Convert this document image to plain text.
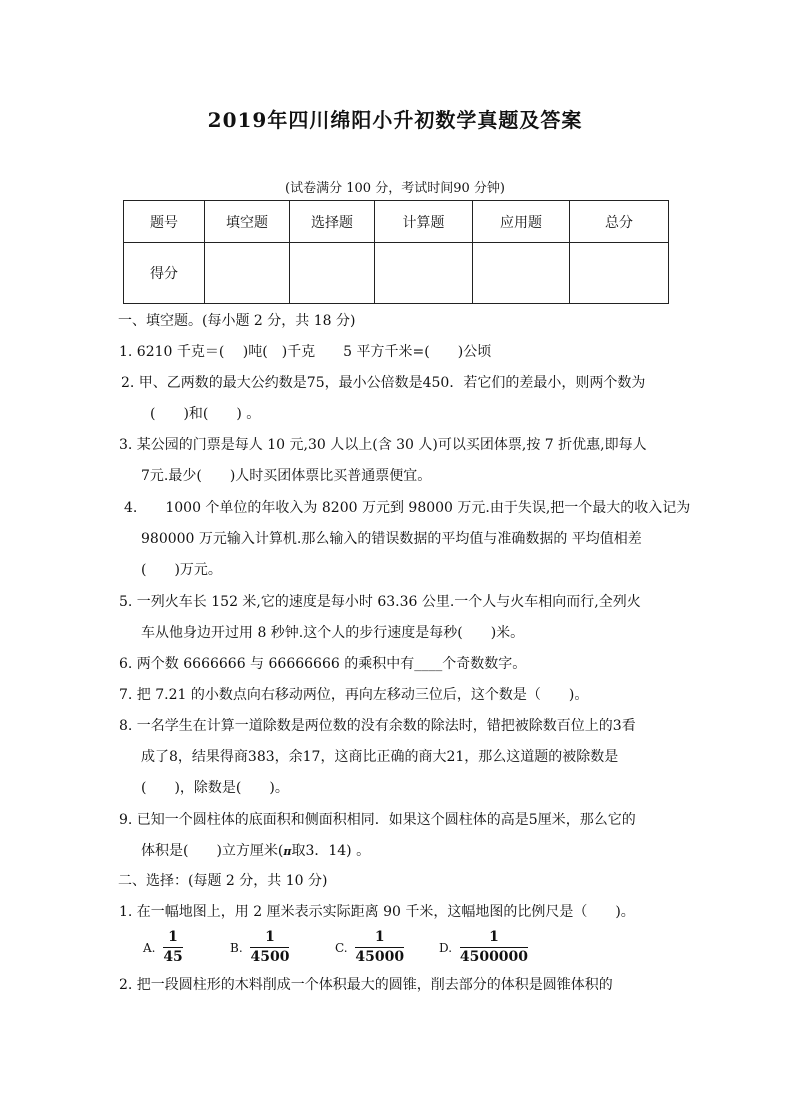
2019年四川绵阳小升初数学真题及答案
(试卷满分 100 分，考试时间90 分钟)
题号	填空题	选择题	计算题	应用题	总分
得分					
一、填空题。(每小题 2 分，共 18 分)
1. 6210 千克＝(　 )吨(　)千克　　5 平方千米=(　　)公顷
2. 甲、乙两数的最大公约数是75，最小公倍数是450．若它们的差最小，则两个数为
(　　)和(　　) 。
3. 某公园的门票是每人 10 元,30 人以上(含 30 人)可以买团体票,按 7 折优惠,即每人
7元.最少(　　)人时买团体票比买普通票便宜。
4.　　1000 个单位的年收入为 8200 万元到 98000 万元.由于失误,把一个最大的收入记为
980000 万元输入计算机.那么输入的错误数据的平均值与准确数据的 平均值相差
(　　)万元。
5. 一列火车长 152 米,它的速度是每小时 63.36 公里.一个人与火车相向而行,全列火
车从他身边开过用 8 秒钟.这个人的步行速度是每秒(　　)米。
6. 两个数 6666666 与 66666666 的乘积中有____个奇数数字。
7. 把 7.21 的小数点向右移动两位，再向左移动三位后，这个数是（　　)。
8. 一名学生在计算一道除数是两位数的没有余数的除法时，错把被除数百位上的3看
成了8，结果得商383，余17，这商比正确的商大21，那么这道题的被除数是
(　　)，除数是(　　)。
9. 已知一个圆柱体的底面积和侧面积相同．如果这个圆柱体的高是5厘米，那么它的
体积是(　　)立方厘米(π取3．14) 。
二、选择：(每题 2 分，共 10 分)
1. 在一幅地图上，用 2 厘米表示实际距离 90 千米，这幅地图的比例尺是（　　)。
A. $\frac{1}{45}$	B. $\frac{1}{4500}$	C. $\frac{1}{45000}$	D. $\frac{1}{4500000}$
2. 把一段圆柱形的木料削成一个体积最大的圆锥，削去部分的体积是圆锥体积的
